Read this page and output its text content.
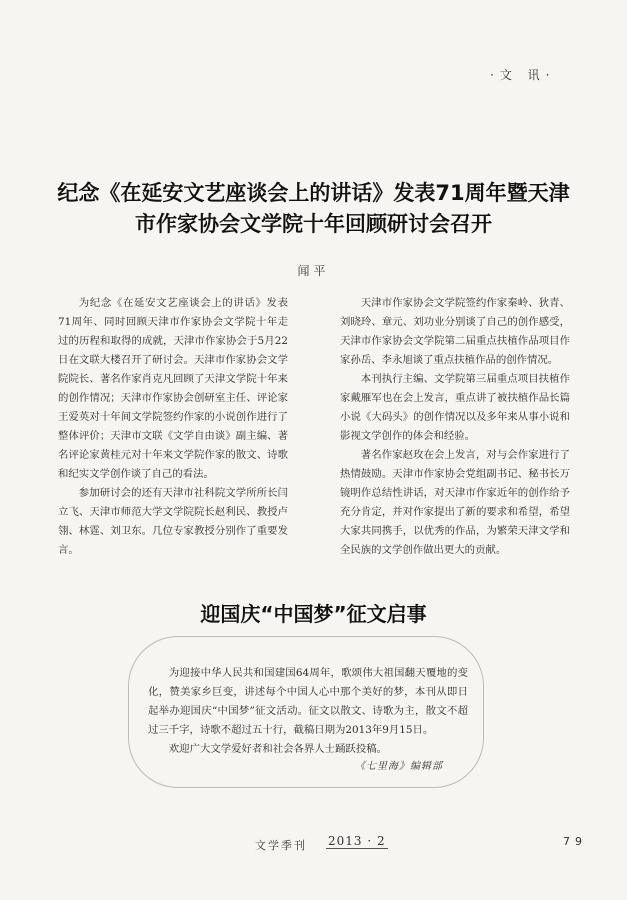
·文 讯·
纪念《在延安文艺座谈会上的讲话》发表71周年暨天津
市作家协会文学院十年回顾研讨会召开
闻平

为纪念《在延安文艺座谈会上的讲话》发表71周年、同时回顾天津市作家协会文学院十年走过的历程和取得的成就，天津市作家协会于5月22日在文联大楼召开了研讨会。天津市作家协会文学院院长、著名作家肖克凡回顾了天津文学院十年来的创作情况；天津市作家协会创研室主任、评论家王爱英对十年间文学院签约作家的小说创作进行了整体评价；天津市文联《文学自由谈》副主编、著名评论家黄桂元对十年来文学院作家的散文、诗歌和纪实文学创作谈了自己的看法。

参加研讨会的还有天津市社科院文学所所长闫立飞、天津市师范大学文学院院长赵利民、教授卢翎、林霆、刘卫东。几位专家教授分别作了重要发言。

天津市作家协会文学院签约作家秦岭、狄青、刘晓玲、章元、刘功业分别谈了自己的创作感受，天津市作家协会文学院第二届重点扶植作品项目作家孙岳、李永旭谈了重点扶植作品的创作情况。

本刊执行主编、文学院第三届重点项目扶植作家戴雁军也在会上发言，重点讲了被扶植作品长篇小说《大码头》的创作情况以及多年来从事小说和影视文学创作的体会和经验。

著名作家赵玫在会上发言，对与会作家进行了热情鼓励。天津市作家协会党组副书记、秘书长万镜明作总结性讲话，对天津市作家近年的创作给予充分肯定，并对作家提出了新的要求和希望，希望大家共同携手，以优秀的作品，为繁荣天津文学和全民族的文学创作做出更大的贡献。

迎国庆“中国梦”征文启事

为迎接中华人民共和国建国64周年，歌颂伟大祖国翻天覆地的变化，赞美家乡巨变，讲述每个中国人心中那个美好的梦，本刊从即日起举办迎国庆“中国梦”征文活动。征文以散文、诗歌为主，散文不超过三千字，诗歌不超过五十行，截稿日期为2013年9月15日。

欢迎广大文学爱好者和社会各界人士踊跃投稿。

《七里海》编辑部
文学季刊 2013 · 2	79
